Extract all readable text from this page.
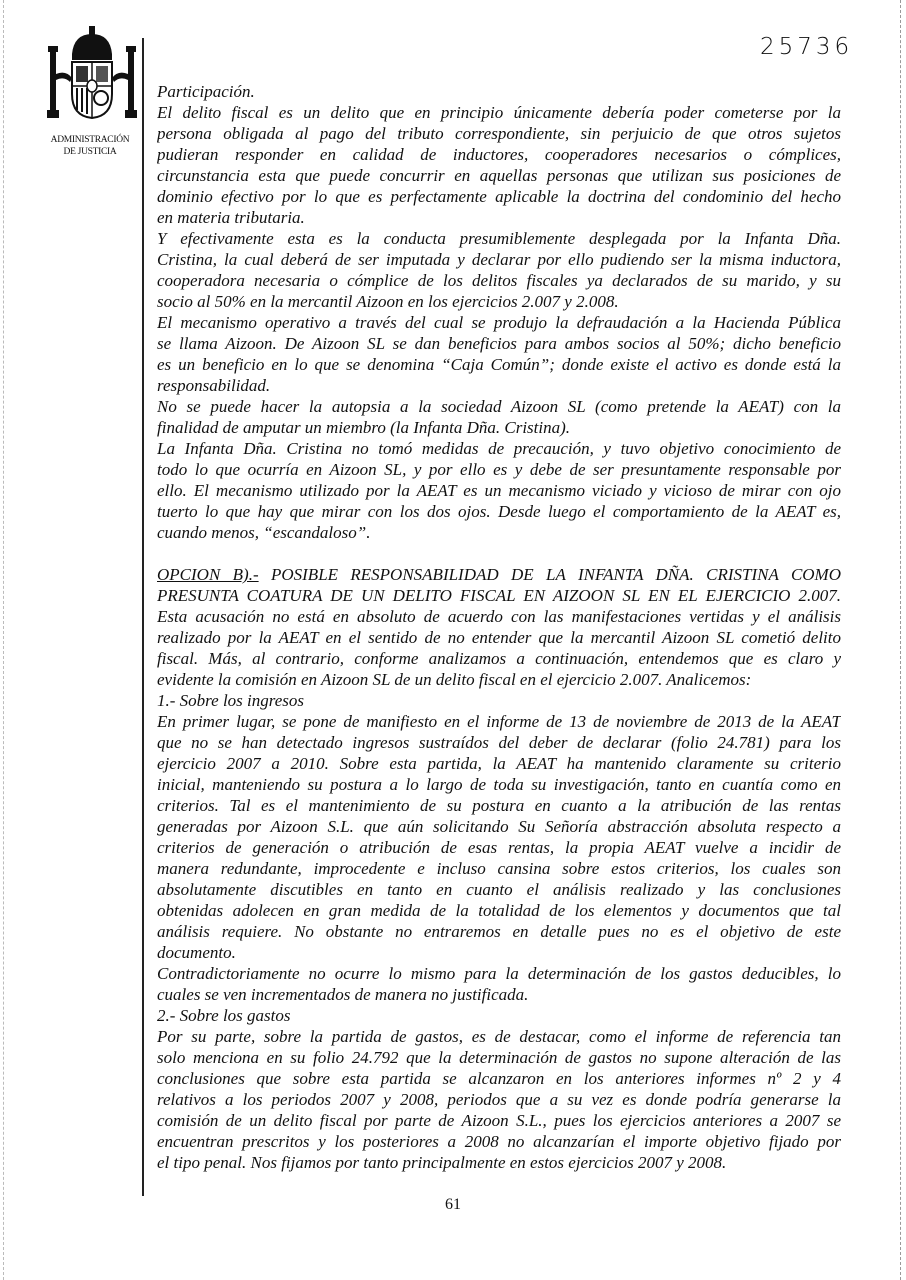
ADMINISTRACIÓN
DE JUSTICIA
25736
Participación.
El delito fiscal es un delito que en principio únicamente debería poder cometerse por la
persona obligada al pago del tributo correspondiente, sin perjuicio de que otros sujetos
pudieran responder en calidad de inductores, cooperadores necesarios o cómplices,
circunstancia esta que puede concurrir en aquellas personas que utilizan sus posiciones de
dominio efectivo por lo que es perfectamente aplicable la doctrina del condominio del hecho
en materia tributaria.
Y efectivamente esta es la conducta presumiblemente desplegada por la Infanta Dña.
Cristina, la cual deberá de ser imputada y declarar por ello pudiendo ser la misma inductora,
cooperadora necesaria o cómplice de los delitos fiscales ya declarados de su marido, y su
socio al 50% en la mercantil Aizoon en los ejercicios 2.007 y 2.008.
El mecanismo operativo a través del cual se produjo la defraudación a la Hacienda Pública
se llama Aizoon. De Aizoon SL se dan beneficios para ambos socios al 50%; dicho beneficio
es un beneficio en lo que se denomina “Caja Común”; donde existe el activo es donde está la
responsabilidad.
No se puede hacer la autopsia a la sociedad Aizoon SL (como pretende la AEAT) con la
finalidad de amputar un miembro (la Infanta Dña. Cristina).
La Infanta Dña. Cristina no tomó medidas de precaución, y tuvo objetivo conocimiento de
todo lo que ocurría en Aizoon SL, y por ello es y debe de ser presuntamente responsable por
ello. El mecanismo utilizado por la AEAT es un mecanismo viciado y vicioso de mirar con ojo
tuerto lo que hay que mirar con los dos ojos. Desde luego el comportamiento de la AEAT es,
cuando menos, “escandaloso”.
OPCION B).- POSIBLE RESPONSABILIDAD DE LA INFANTA DÑA. CRISTINA COMO
PRESUNTA COATURA DE UN DELITO FISCAL EN AIZOON SL EN EL EJERCICIO 2.007.
Esta acusación no está en absoluto de acuerdo con las manifestaciones vertidas y el análisis
realizado por la AEAT en el sentido de no entender que la mercantil Aizoon SL cometió delito
fiscal. Más, al contrario, conforme analizamos a continuación, entendemos que es claro y
evidente la comisión en Aizoon SL de un delito fiscal en el ejercicio 2.007. Analicemos:
1.- Sobre los ingresos
En primer lugar, se pone de manifiesto en el informe de 13 de noviembre de 2013 de la AEAT
que no se han detectado ingresos sustraídos del deber de declarar (folio 24.781) para los
ejercicio 2007 a 2010. Sobre esta partida, la AEAT ha mantenido claramente su criterio
inicial, manteniendo su postura a lo largo de toda su investigación, tanto en cuantía como en
criterios. Tal es el mantenimiento de su postura en cuanto a la atribución de las rentas
generadas por Aizoon S.L. que aún solicitando Su Señoría abstracción absoluta respecto a
criterios de generación o atribución de esas rentas, la propia AEAT vuelve a incidir de
manera redundante, improcedente e incluso cansina sobre estos criterios, los cuales son
absolutamente discutibles en tanto en cuanto el análisis realizado y las conclusiones
obtenidas adolecen en gran medida de la totalidad de los elementos y documentos que tal
análisis requiere. No obstante no entraremos en detalle pues no es el objetivo de este
documento.
Contradictoriamente no ocurre lo mismo para la determinación de los gastos deducibles, lo
cuales se ven incrementados de manera no justificada.
2.- Sobre los gastos
Por su parte, sobre la partida de gastos, es de destacar, como el informe de referencia tan
solo menciona en su folio 24.792 que la determinación de gastos no supone alteración de las
conclusiones que sobre esta partida se alcanzaron en los anteriores informes nº 2 y 4
relativos a los periodos 2007 y 2008, periodos que a su vez es donde podría generarse la
comisión de un delito fiscal por parte de Aizoon S.L., pues los ejercicios anteriores a 2007 se
encuentran prescritos y los posteriores a 2008 no alcanzarían el importe objetivo fijado por
el tipo penal. Nos fijamos por tanto principalmente en estos ejercicios 2007 y 2008.
61
